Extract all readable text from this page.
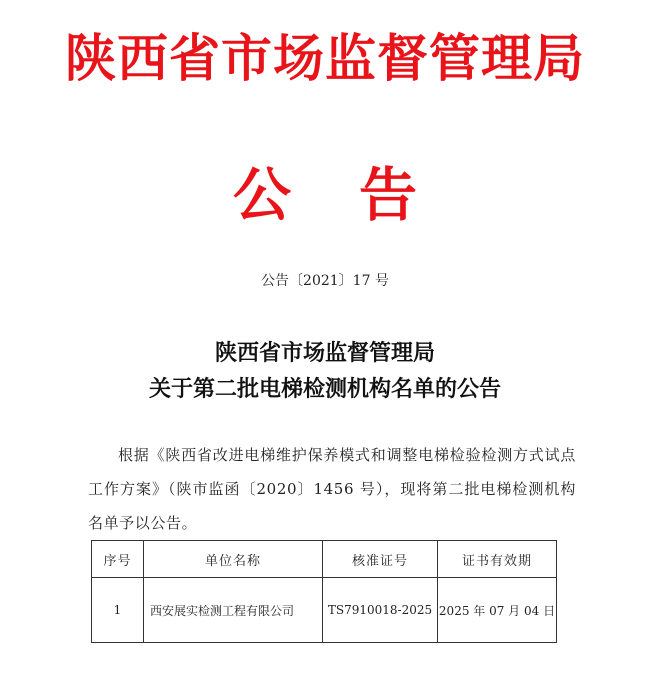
陕西省市场监督管理局
公 告
公告〔2021〕17 号
陕西省市场监督管理局
关于第二批电梯检测机构名单的公告
根据《陕西省改进电梯维护保养模式和调整电梯检验检测方式试点工作方案》（陕市监函〔2020〕1456 号），现将第二批电梯检测机构名单予以公告。
序号	单位名称	核准证号	证书有效期
1	西安展实检测工程有限公司	TS7910018-2025	2025 年 07 月 04 日
